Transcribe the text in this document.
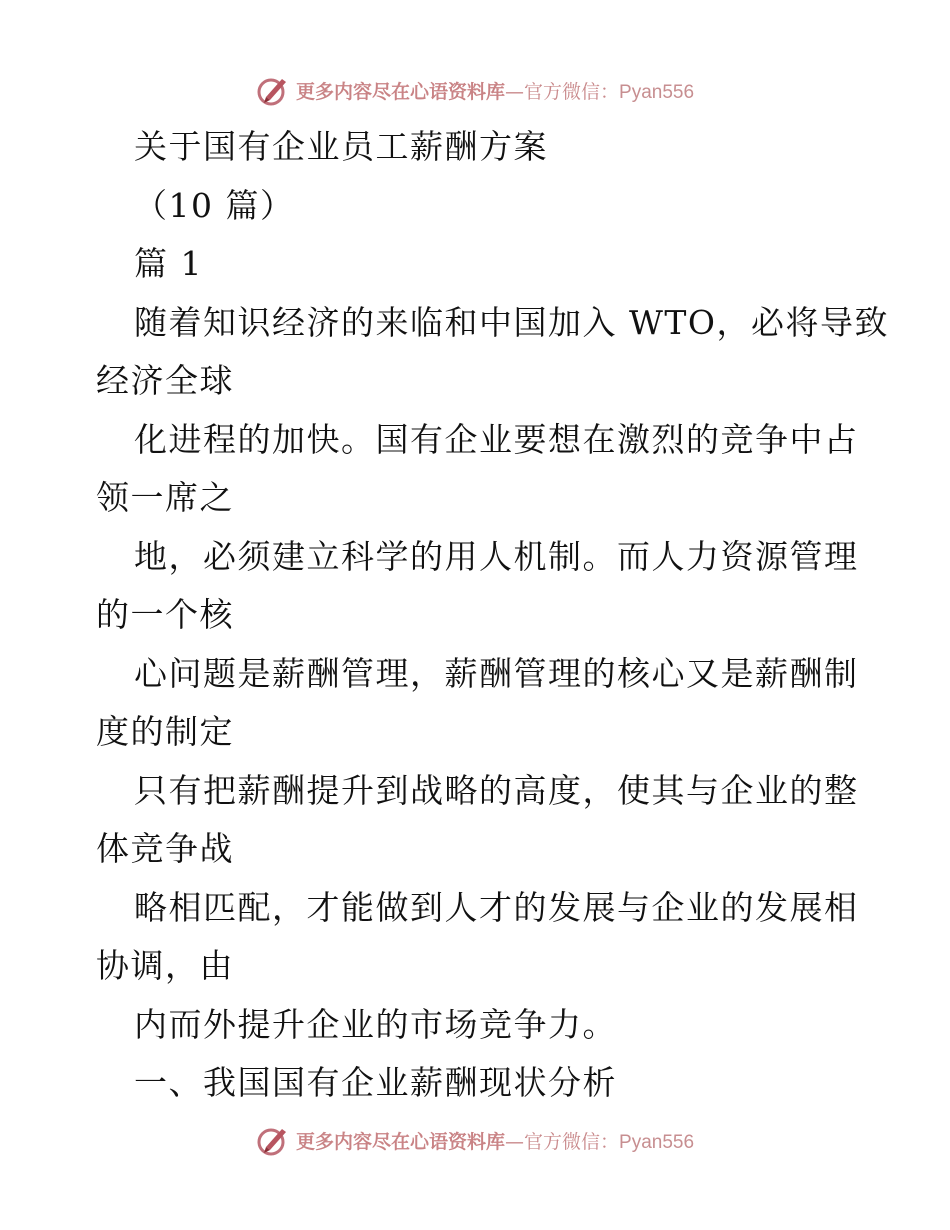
更多内容尽在心语资料库—官方微信：Pyan556
关于国有企业员工薪酬方案
（10 篇）
篇 1
随着知识经济的来临和中国加入 WTO，必将导致
经济全球
化进程的加快。国有企业要想在激烈的竞争中占
领一席之
地，必须建立科学的用人机制。而人力资源管理
的一个核
心问题是薪酬管理，薪酬管理的核心又是薪酬制
度的制定
只有把薪酬提升到战略的高度，使其与企业的整
体竞争战
略相匹配，才能做到人才的发展与企业的发展相
协调，由
内而外提升企业的市场竞争力。
一、我国国有企业薪酬现状分析
更多内容尽在心语资料库—官方微信：Pyan556
